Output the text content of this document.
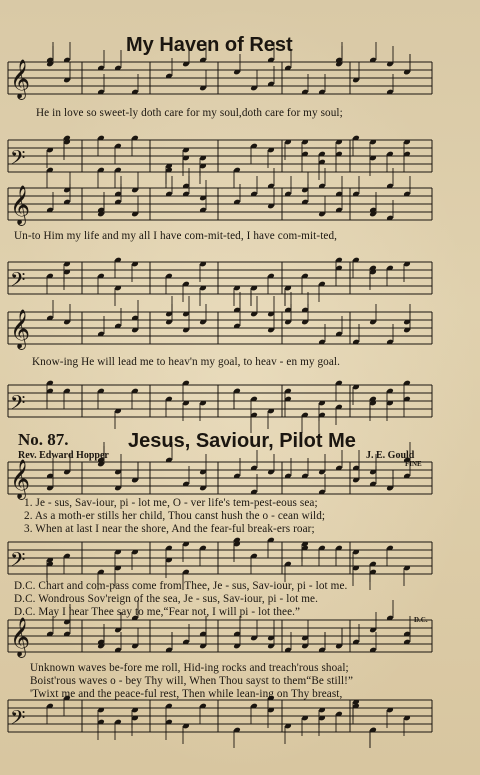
𝄞
𝄢
𝄞
𝄢
𝄞
𝄢
𝄞
𝄢
𝄞
𝄢
My Haven of Rest
He in love so sweet-ly doth care for my soul,doth care for my soul;
Un-to Him my life and my all I have com-mit-ted, I have com-mit-ted,
Know-ing He will lead me to heav'n my goal, to heav - en my goal.
No. 87.	Jesus, Saviour, Pilot Me
Rev. Edward Hopper	J. E. Gould
FINE
1. Je - sus, Sav-iour, pi - lot me, O - ver life's tem-pest-eous sea;
2. As a moth-er stills her child, Thou canst hush the o - cean wild;
3. When at last I near the shore, And the fear-ful break-ers roar;
D.C. Chart and com-pass come from Thee, Je - sus, Sav-iour, pi - lot me.
D.C. Wondrous Sov'reign of the sea, Je - sus, Sav-iour, pi - lot me.
D.C. May I hear Thee say to me,“Fear not, I will pi - lot thee.”
D.C.
Unknown waves be-fore me roll, Hid-ing rocks and treach'rous shoal;
Boist'rous waves o - bey Thy will, When Thou sayst to them“Be still!”
'Twixt me and the peace-ful rest, Then while lean-ing on Thy breast,
